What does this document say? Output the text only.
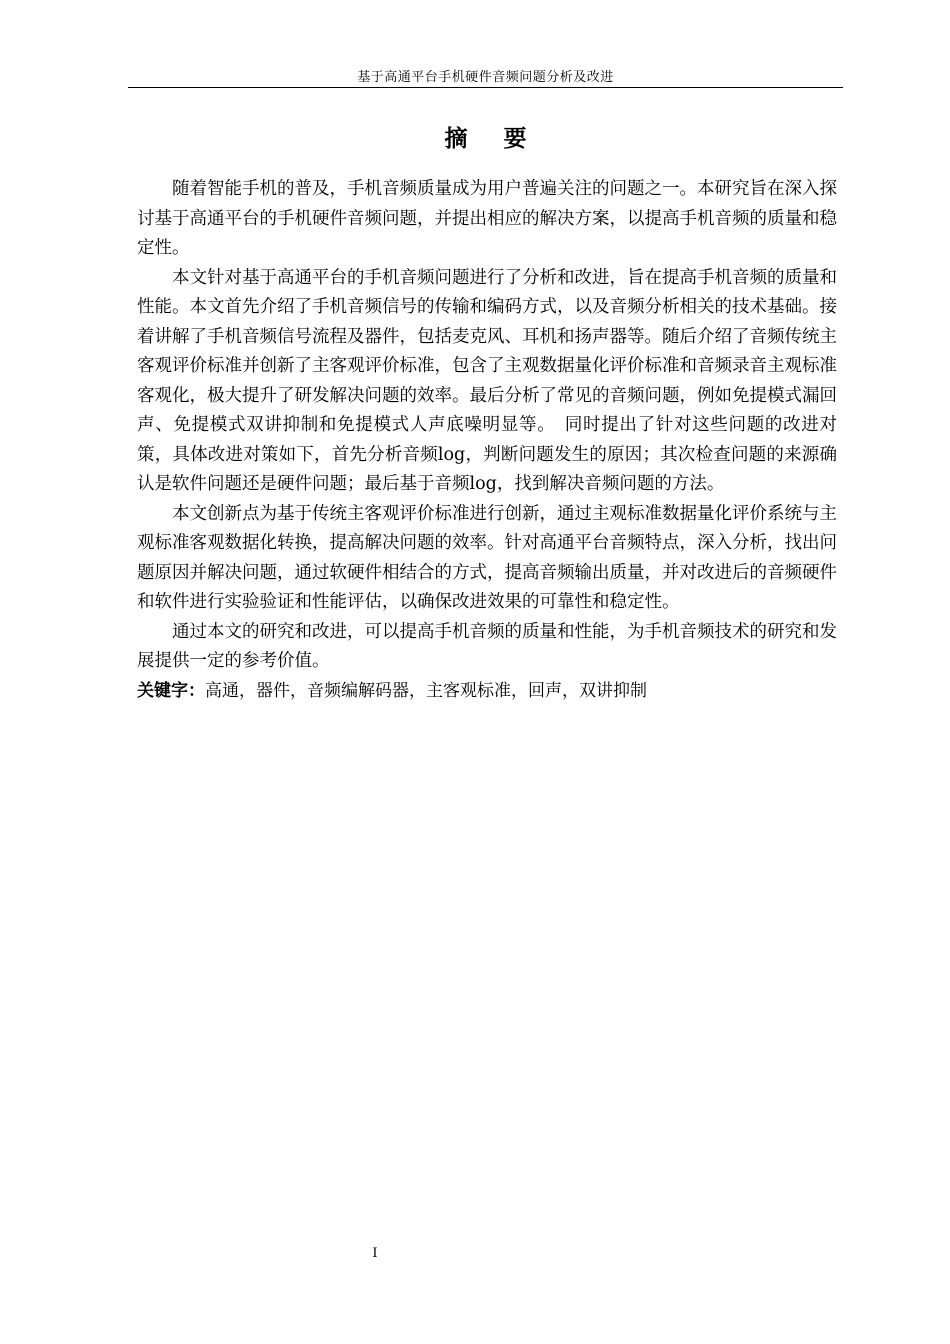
基于高通平台手机硬件音频问题分析及改进
摘 要

随着智能手机的普及，手机音频质量成为用户普遍关注的问题之一。本研究旨在深入探讨基于高通平台的手机硬件音频问题，并提出相应的解决方案，以提高手机音频的质量和稳定性。

本文针对基于高通平台的手机音频问题进行了分析和改进，旨在提高手机音频的质量和性能。本文首先介绍了手机音频信号的传输和编码方式，以及音频分析相关的技术基础。接着讲解了手机音频信号流程及器件，包括麦克风、耳机和扬声器等。随后介绍了音频传统主客观评价标准并创新了主客观评价标准，包含了主观数据量化评价标准和音频录音主观标准客观化，极大提升了研发解决问题的效率。最后分析了常见的音频问题，例如免提模式漏回声、免提模式双讲抑制和免提模式人声底噪明显等。　同时提出了针对这些问题的改进对策，具体改进对策如下，首先分析音频log，判断问题发生的原因；其次检查问题的来源确认是软件问题还是硬件问题；最后基于音频log，找到解决音频问题的方法。

本文创新点为基于传统主客观评价标准进行创新，通过主观标准数据量化评价系统与主观标准客观数据化转换，提高解决问题的效率。针对高通平台音频特点，深入分析，找出问题原因并解决问题，通过软硬件相结合的方式，提高音频输出质量，并对改进后的音频硬件和软件进行实验验证和性能评估，以确保改进效果的可靠性和稳定性。

通过本文的研究和改进，可以提高手机音频的质量和性能，为手机音频技术的研究和发展提供一定的参考价值。

关键字：高通，器件，音频编解码器，主客观标准，回声，双讲抑制

I
